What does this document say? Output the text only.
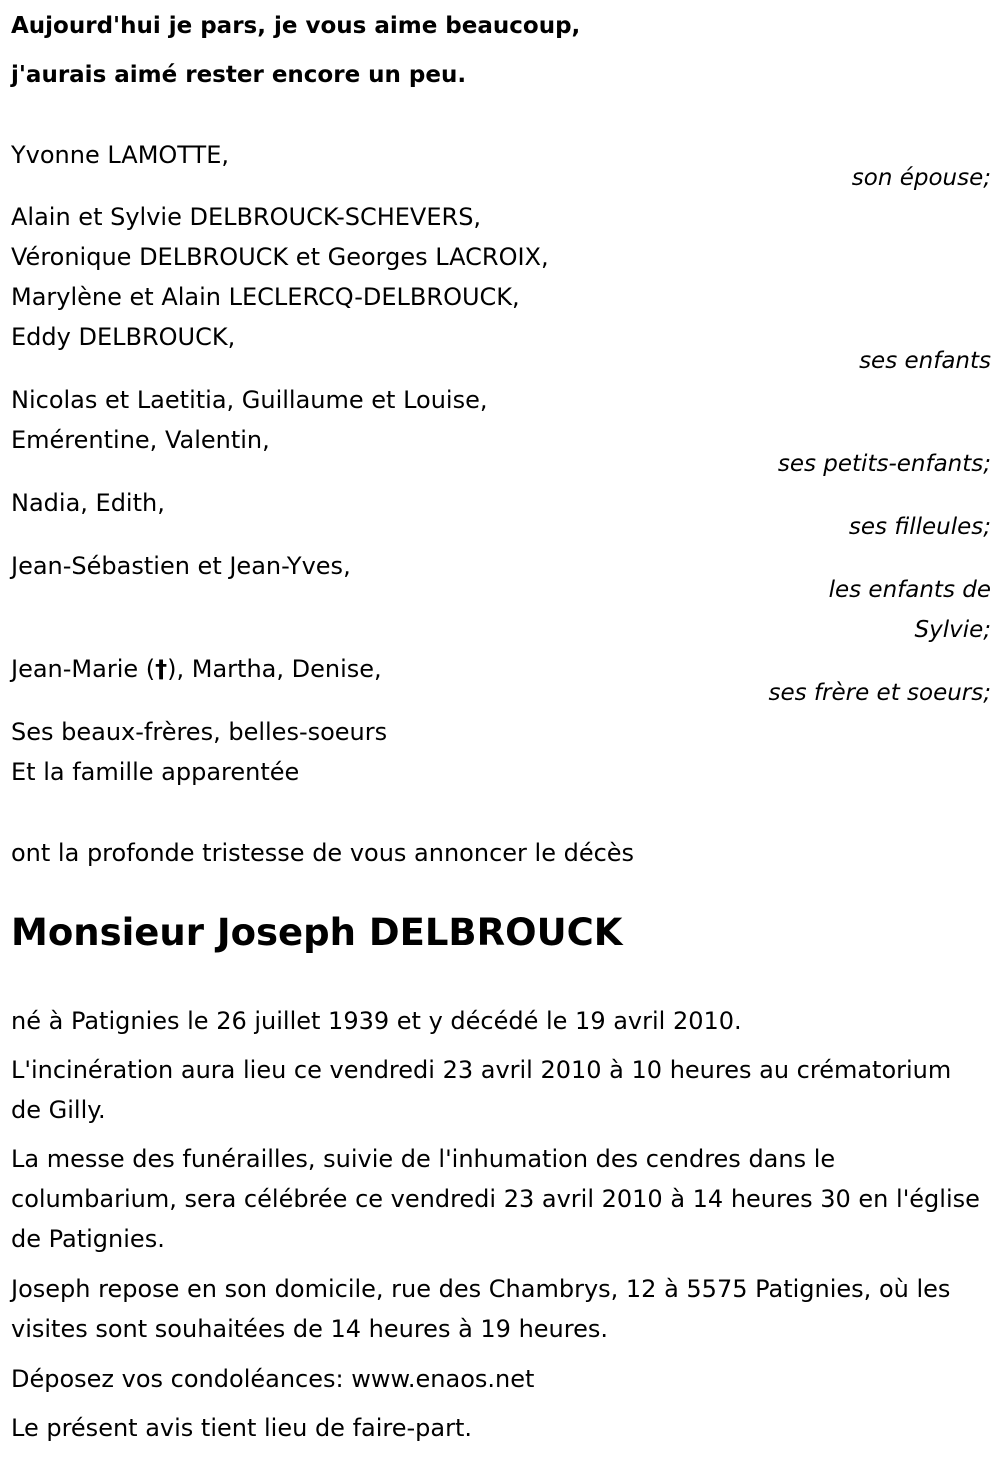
Aujourd'hui je pars, je vous aime beaucoup,
j'aurais aimé rester encore un peu.
Yvonne LAMOTTE,
son épouse;
Alain et Sylvie DELBROUCK-SCHEVERS,
Véronique DELBROUCK et Georges LACROIX,
Marylène et Alain LECLERCQ-DELBROUCK,
Eddy DELBROUCK,
ses enfants
Nicolas et Laetitia, Guillaume et Louise,
Emérentine, Valentin,
ses petits-enfants;
Nadia, Edith,
ses filleules;
Jean-Sébastien et Jean-Yves,
les enfants de
Sylvie;
Jean-Marie (†), Martha, Denise,
ses frère et soeurs;
Ses beaux-frères, belles-soeurs
Et la famille apparentée
ont la profonde tristesse de vous annoncer le décès
Monsieur Joseph DELBROUCK
né à Patignies le 26 juillet 1939 et y décédé le 19 avril 2010.
L'incinération aura lieu ce vendredi 23 avril 2010 à 10 heures au crématorium de Gilly.
La messe des funérailles, suivie de l'inhumation des cendres dans le columbarium, sera célébrée ce vendredi 23 avril 2010 à 14 heures 30 en l'église de Patignies.
Joseph repose en son domicile, rue des Chambrys, 12 à 5575 Patignies, où les visites sont souhaitées de 14 heures à 19 heures.
Déposez vos condoléances: www.enaos.net
Le présent avis tient lieu de faire-part.
